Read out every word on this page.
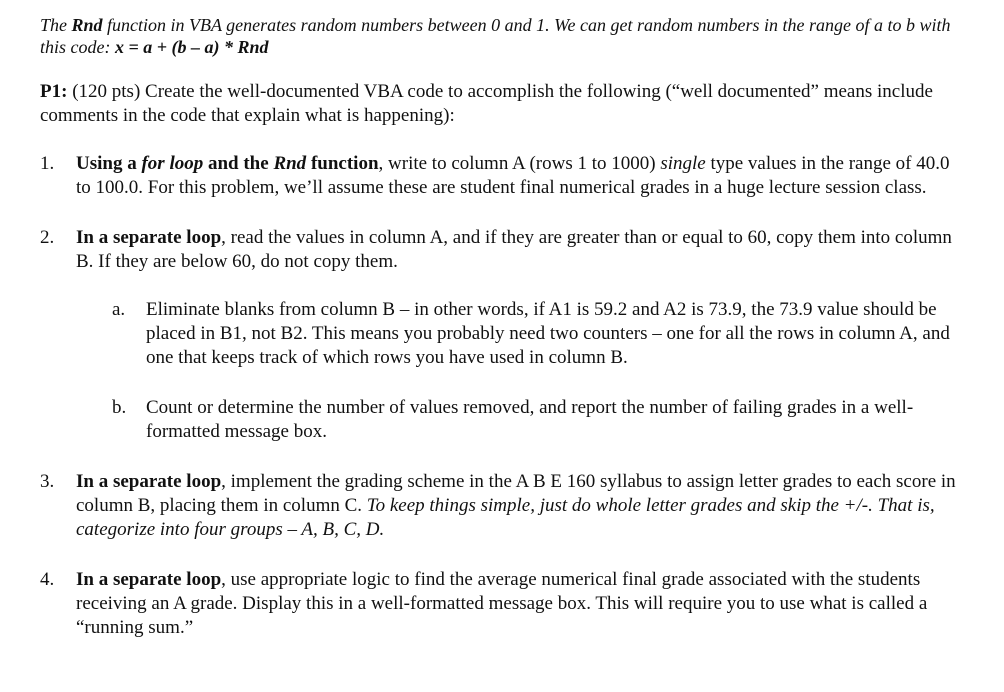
The Rnd function in VBA generates random numbers between 0 and 1. We can get random numbers in the range of a to b with this code: x = a + (b – a) * Rnd

P1: (120 pts) Create the well-documented VBA code to accomplish the following (“well documented” means include comments in the code that explain what is happening):

1. Using a for loop and the Rnd function, write to column A (rows 1 to 1000) single type values in the range of 40.0 to 100.0. For this problem, we’ll assume these are student final numerical grades in a huge lecture session class.
2. In a separate loop, read the values in column A, and if they are greater than or equal to 60, copy them into column B. If they are below 60, do not copy them.
a. Eliminate blanks from column B – in other words, if A1 is 59.2 and A2 is 73.9, the 73.9 value should be placed in B1, not B2. This means you probably need two counters – one for all the rows in column A, and one that keeps track of which rows you have used in column B.
b. Count or determine the number of values removed, and report the number of failing grades in a well-formatted message box.
3. In a separate loop, implement the grading scheme in the A B E 160 syllabus to assign letter grades to each score in column B, placing them in column C. To keep things simple, just do whole letter grades and skip the +/-. That is, categorize into four groups – A, B, C, D.
4. In a separate loop, use appropriate logic to find the average numerical final grade associated with the students receiving an A grade. Display this in a well-formatted message box. This will require you to use what is called a “running sum.”
